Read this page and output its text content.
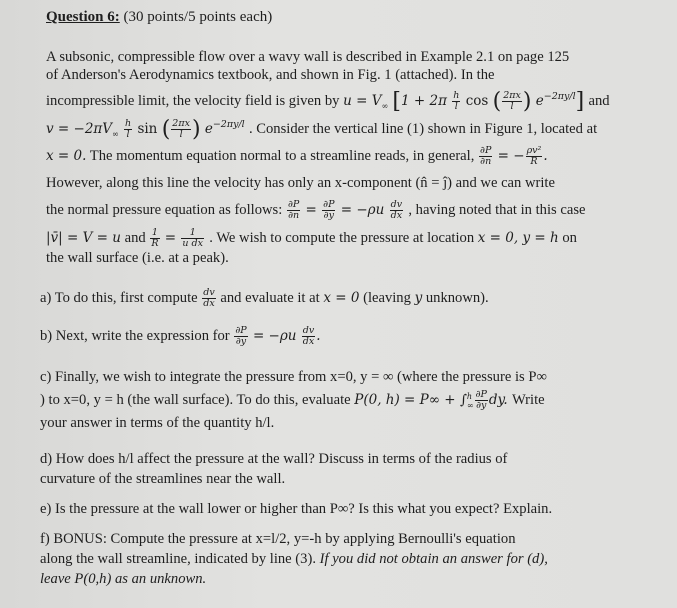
Question 6: (30 points/5 points each)
A subsonic, compressible flow over a wavy wall is described in Example 2.1 on page 125
of Anderson's Aerodynamics textbook, and shown in Fig. 1 (attached). In the
incompressible limit, the velocity field is given by $u = V_\infty$ [$1 + 2\pi \frac{h}{l}$ cos ( $\frac{2\pi x}{l}$ ) $e^{-2\pi y/l}$] and
$v = -2\pi V_\infty \frac{h}{l}$ sin ( $\frac{2\pi x}{l}$ ) $e^{-2\pi y/l}$ . Consider the vertical line (1) shown in Figure 1, located at
x = 0. The momentum equation normal to a streamline reads, in general, $\frac{\partial P}{\partial n}$ = − $\frac{\text{ρv²}}{R}$ .
However, along this line the velocity has only an x-component (n̂ = ĵ) and we can write
the normal pressure equation as follows: $\frac{\partial P}{\partial n} = \frac{\partial P}{\partial y} = -\rho u \frac{dv}{dx}$ , having noted that in this case
|v̄| = V = u and $\frac{1}{R} = \frac{1}{\text{u dx}}$ . We wish to compute the pressure at location x = 0, y = h on
the wall surface (i.e. at a peak).
a) To do this, first compute $\frac{dv}{dx}$ and evaluate it at x = 0 (leaving y unknown).
b) Next, write the expression for $\frac{\partial P}{\partial y} = -\rho u \frac{dv}{dx}$ .
c) Finally, we wish to integrate the pressure from x=0, y = ∞ (where the pressure is P∞
) to x=0, y = h (the wall surface). To do this, evaluate P(0, h) = P∞ + ∫ h
∞ $\frac{\partial P}{\partial y}$ dy. Write
your answer in terms of the quantity h/l.
d) How does h/l affect the pressure at the wall? Discuss in terms of the radius of
curvature of the streamlines near the wall.
e) Is the pressure at the wall lower or higher than P∞? Is this what you expect? Explain.
f) BONUS: Compute the pressure at x=l/2, y=-h by applying Bernoulli's equation
along the wall streamline, indicated by line (3). If you did not obtain an answer for (d),
leave P(0,h) as an unknown.
